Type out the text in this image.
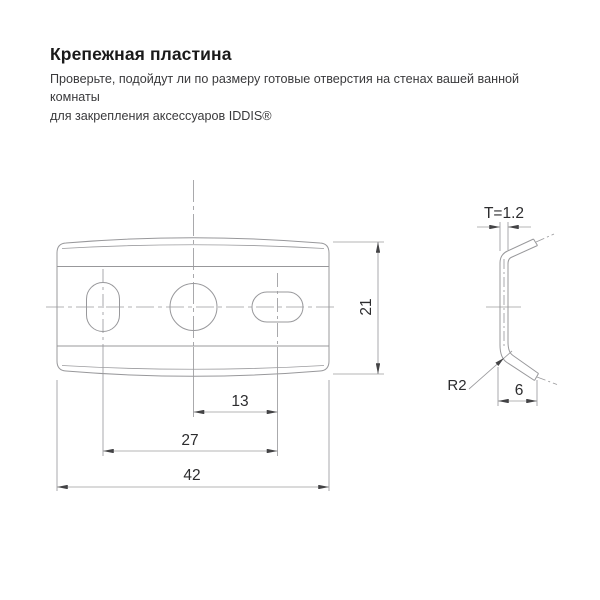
Крепежная пластина

Проверьте, подойдут ли по размеру готовые отверстия на стенах вашей ванной комнаты
для закрепления аксессуаров IDDIS®

21
13
27
42
T=1.2
R2	6
